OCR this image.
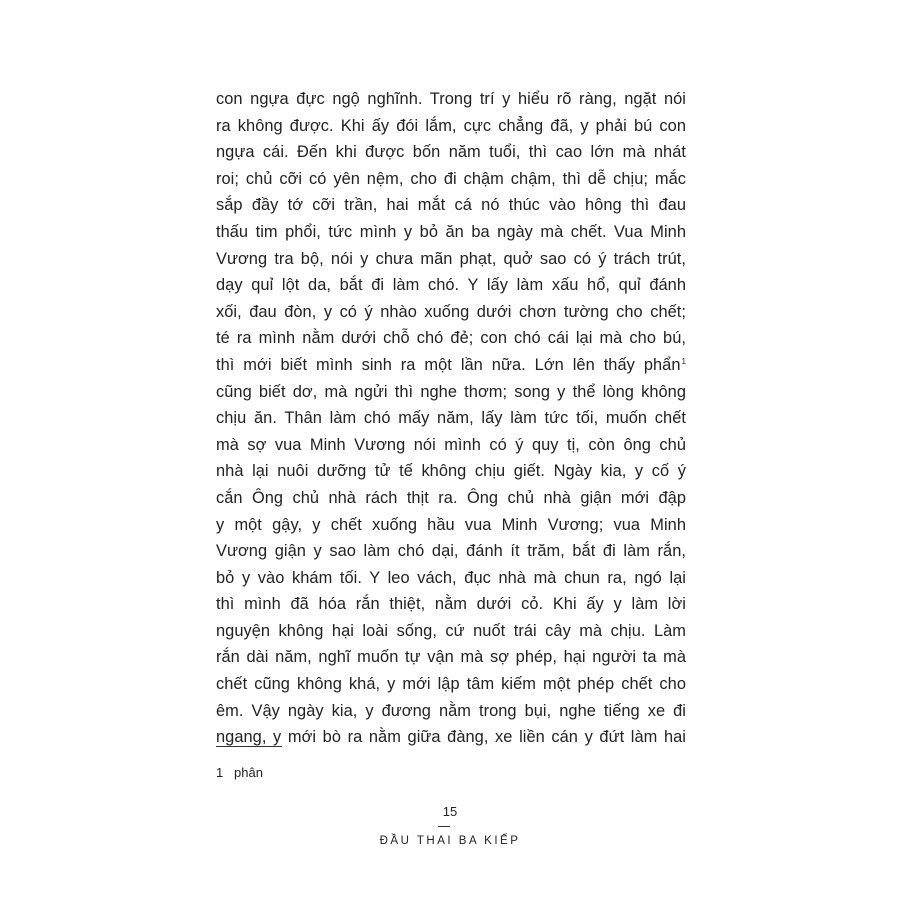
con ngựa đực ngộ nghĩnh. Trong trí y hiểu rõ ràng, ngặt nói
ra không được. Khi ấy đói lắm, cực chẳng đã, y phải bú con
ngựa cái. Đến khi được bốn năm tuổi, thì cao lớn mà nhát
roi; chủ cỡi có yên nệm, cho đi chậm chậm, thì dễ chịu; mắc
sắp đầy tớ cỡi trần, hai mắt cá nó thúc vào hông thì đau
thấu tim phổi, tức mình y bỏ ăn ba ngày mà chết. Vua Minh
Vương tra bộ, nói y chưa mãn phạt, quở sao có ý trách trút,
dạy quỉ lột da, bắt đi làm chó. Y lấy làm xấu hổ, quỉ đánh
xối, đau đòn, y có ý nhào xuống dưới chơn tường cho chết;
té ra mình nằm dưới chỗ chó đẻ; con chó cái lại mà cho bú,
thì mới biết mình sinh ra một lần nữa. Lớn lên thấy phẩn$^1$
cũng biết dơ, mà ngửi thì nghe thơm; song y thể lòng không
chịu ăn. Thân làm chó mấy năm, lấy làm tức tối, muốn chết
mà sợ vua Minh Vương nói mình có ý quy tị, còn ông chủ
nhà lại nuôi dưỡng tử tế không chịu giết. Ngày kia, y cố ý
cắn Ông chủ nhà rách thịt ra. Ông chủ nhà giận mới đập
y một gậy, y chết xuống hầu vua Minh Vương; vua Minh
Vương giận y sao làm chó dại, đánh ít trăm, bắt đi làm rắn,
bỏ y vào khám tối. Y leo vách, đục nhà mà chun ra, ngó lại
thì mình đã hóa rắn thiệt, nằm dưới cỏ. Khi ấy y làm lời
nguyện không hại loài sống, cứ nuốt trái cây mà chịu. Làm
rắn dài năm, nghĩ muốn tự vận mà sợ phép, hại người ta mà
chết cũng không khá, y mới lập tâm kiếm một phép chết cho
êm. Vậy ngày kia, y đương nằm trong bụi, nghe tiếng xe đi
ngang, y mới bò ra nằm giữa đàng, xe liền cán y đứt làm hai
1 phân
15
ĐẦU THAI BA KIẾP
